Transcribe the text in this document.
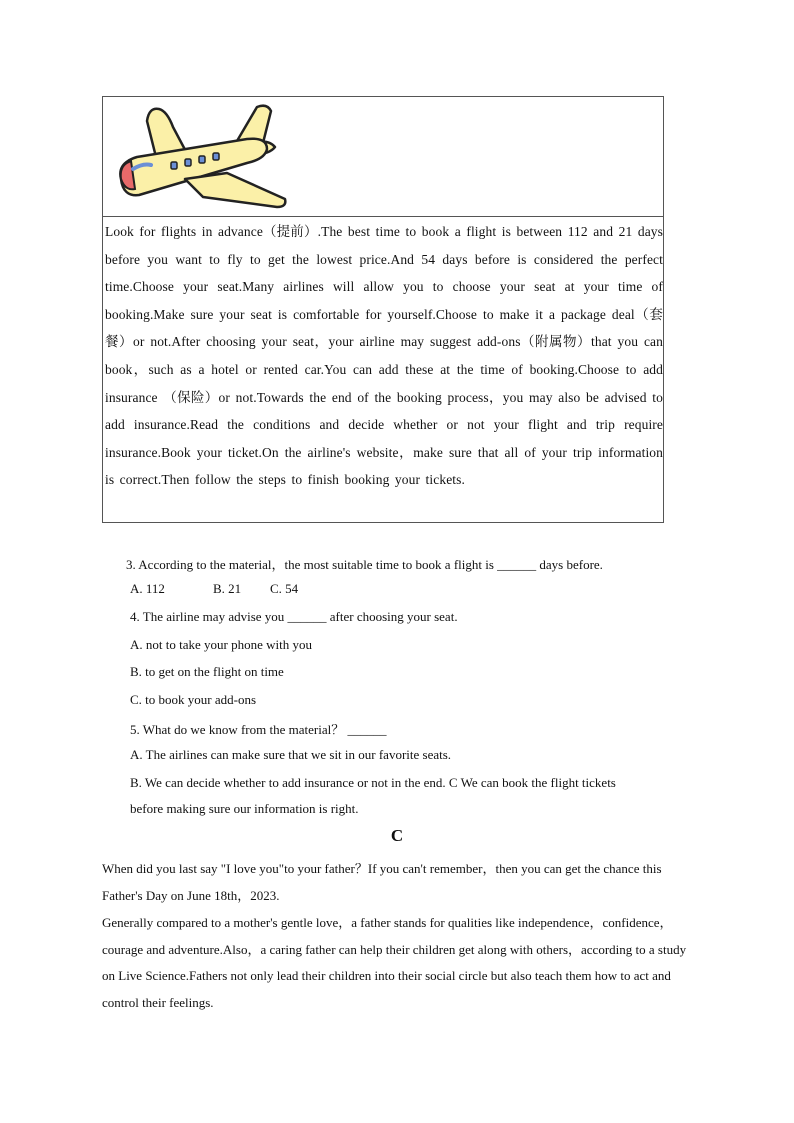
Look for flights in advance（提前）.The best time to book a flight is between 112 and 21 days before you want to fly to get the lowest price.And 54 days before is considered the perfect time.Choose your seat.Many airlines will allow you to choose your seat at your time of booking.Make sure your seat is comfortable for yourself.Choose to make it a package deal（套餐）or not.After choosing your seat，your airline may suggest add-ons（附属物）that you can book，such as a hotel or rented car.You can add these at the time of booking.Choose to add insurance （保险）or not.Towards the end of the booking process，you may also be advised to add insurance.Read the conditions and decide whether or not your flight and trip require insurance.Book your ticket.On the airline's website，make sure that all of your trip information is correct.Then follow the steps to finish booking your tickets.
3. According to the material，the most suitable time to book a flight is ______ days before.
A. 112	B. 21 C. 54
4. The airline may advise you ______ after choosing your seat.
A. not to take your phone with you
B. to get on the flight on time
C. to book your add-ons
5. What do we know from the material？ ______
A. The airlines can make sure that we sit in our favorite seats.
B. We can decide whether to add insurance or not in the end. C We can book the flight tickets
before making sure our information is right.
C
When did you last say "I love you"to your father？If you can't remember，then you can get the chance this Father's Day on June 18th，2023.
Generally compared to a mother's gentle love，a father stands for qualities like independence，confidence，courage and adventure.Also，a caring father can help their children get along with others，according to a study on Live Science.Fathers not only lead their children into their social circle but also teach them how to act and control their feelings.
